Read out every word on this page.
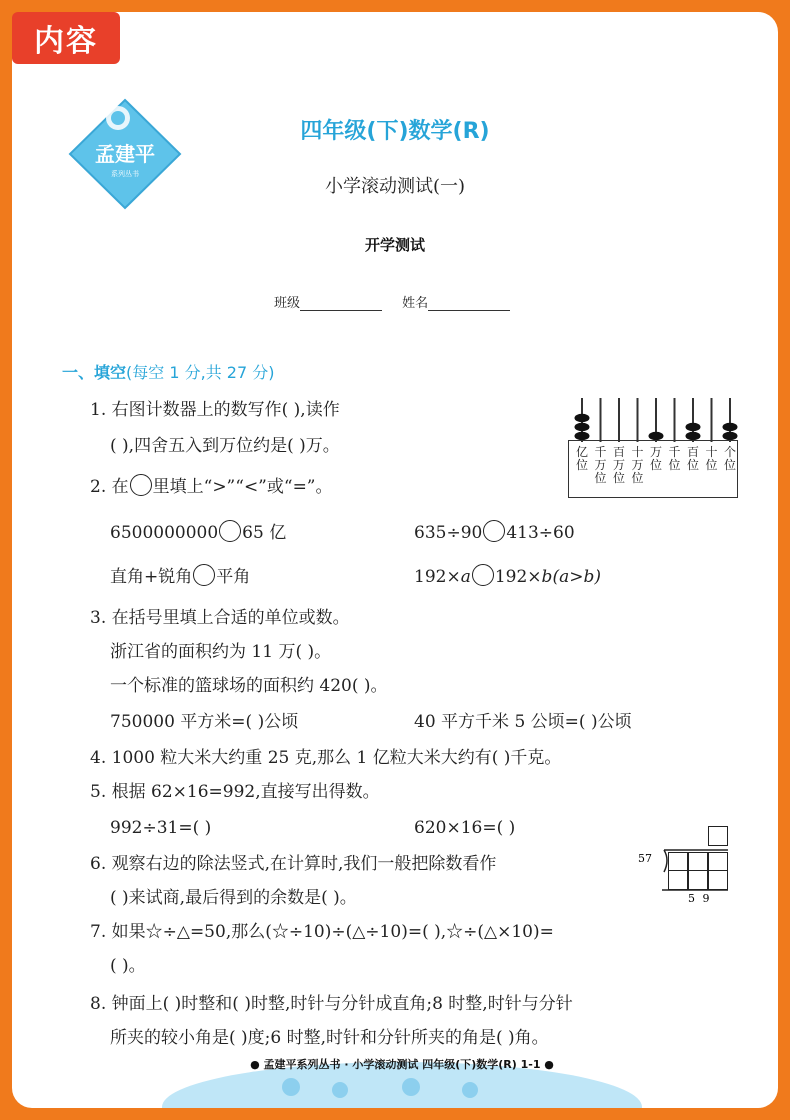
孟建平
系列丛书
四年级(下)数学(R)
小学滚动测试(一)
开学测试
班级	姓名
一、填空(每空 1 分,共 27 分)
1. 右图计数器上的数写作( ),读作
( ),四舍五入到万位约是( )万。	亿位
千万位
百万位
十万位
万位
千位
百位
十位
个位
2. 在 里填上“>”“<”或“=”。
6500000000 65 亿	635÷90 413÷60
直角+锐角 平角	192×a 192×b(a>b)
3. 在括号里填上合适的单位或数。
浙江省的面积约为 11 万( )。
一个标准的篮球场的面积约 420( )。
750000 平方米=( )公顷	40 平方千米 5 公顷=( )公顷
4. 1000 粒大米大约重 25 克,那么 1 亿粒大米大约有( )千克。
5. 根据 62×16=992,直接写出得数。
992÷31=( )	620×16=( )
6. 观察右边的除法竖式,在计算时,我们一般把除数看作
( )来试商,最后得到的余数是( )。
57
5 9
7. 如果☆÷△=50,那么(☆÷10)÷(△÷10)=( ),☆÷(△×10)=
( )。
8. 钟面上( )时整和( )时整,时针与分针成直角;8 时整,时针与分针
所夹的较小角是( )度;6 时整,时针和分针所夹的角是( )角。
● 孟建平系列丛书 · 小学滚动测试 四年级(下)数学(R) 1-1 ●
内容
